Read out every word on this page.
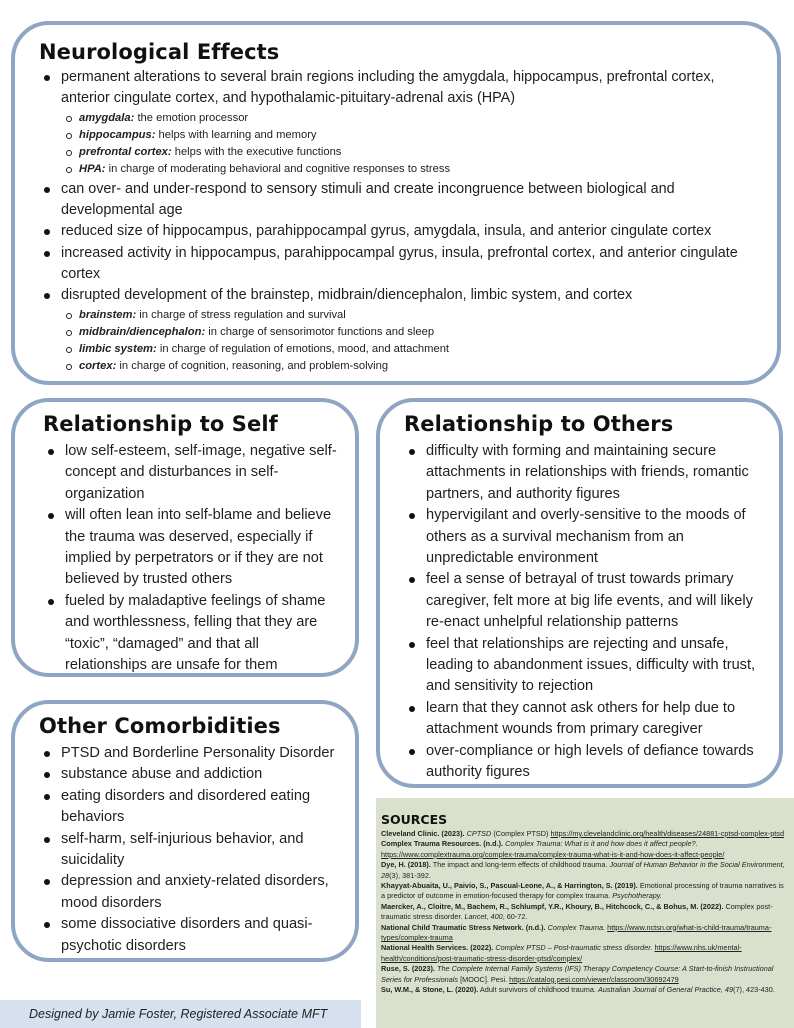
Neurological Effects
permanent alterations to several brain regions including the amygdala, hippocampus, prefrontal cortex, anterior cingulate cortex, and hypothalamic-pituitary-adrenal axis (HPA)
amygdala: the emotion processor
hippocampus: helps with learning and memory
prefrontal cortex: helps with the executive functions
HPA: in charge of moderating behavioral and cognitive responses to stress
can over- and under-respond to sensory stimuli and create incongruence between biological and developmental age
reduced size of hippocampus, parahippocampal gyrus, amygdala, insula, and anterior cingulate cortex
increased activity in hippocampus, parahippocampal gyrus, insula, prefrontal cortex, and anterior cingulate cortex
disrupted development of the brainstep, midbrain/diencephalon, limbic system, and cortex
brainstem: in charge of stress regulation and survival
midbrain/diencephalon: in charge of sensorimotor functions and sleep
limbic system: in charge of regulation of emotions, mood, and attachment
cortex: in charge of cognition, reasoning, and problem-solving
Relationship to Self
low self-esteem, self-image, negative self-concept and disturbances in self-organization
will often lean into self-blame and believe the trauma was deserved, especially if implied by perpetrators or if they are not believed by trusted others
fueled by maladaptive feelings of shame and worthlessness, felling that they are “toxic”, “damaged” and that all relationships are unsafe for them
Relationship to Others
difficulty with forming and maintaining secure attachments in relationships with friends, romantic partners, and authority figures
hypervigilant and overly-sensitive to the moods of others as a survival mechanism from an unpredictable environment
feel a sense of betrayal of trust towards primary caregiver, felt more at big life events, and will likely re-enact unhelpful relationship patterns
feel that relationships are rejecting and unsafe, leading to abandonment issues, difficulty with trust, and sensitivity to rejection
learn that they cannot ask others for help due to attachment wounds from primary caregiver
over-compliance or high levels of defiance towards authority figures
Other Comorbidities
PTSD and Borderline Personality Disorder
substance abuse and addiction
eating disorders and disordered eating behaviors
self-harm, self-injurious behavior, and suicidality
depression and anxiety-related disorders, mood disorders
some dissociative disorders and quasi-psychotic disorders
SOURCES

Cleveland Clinic. (2023). CPTSD (Complex PTSD) https://my.clevelandclinic.org/health/diseases/24881-cptsd-complex-ptsd

Complex Trauma Resources. (n.d.). Complex Trauma: What is it and how does it affect people?. https://www.complextrauma.org/complex-trauma/complex-trauma-what-is-it-and-how-does-it-affect-people/

Dye, H. (2018). The impact and long-term effects of childhood trauma. Journal of Human Behavior in the Social Environment, 28(3), 381-392.

Khayyat-Abuaita, U., Paivio, S., Pascual-Leone, A., & Harrington, S. (2019). Emotional processing of trauma narratives is a predictor of outcome in emotion-focused therapy for complex trauma. Psychotherapy.

Maercker, A., Cloitre, M., Bachem, R., Schlumpf, Y.R., Khoury, B., Hitchcock, C., & Bohus, M. (2022). Complex post-traumatic stress disorder. Lancet, 400, 60-72.

National Child Traumatic Stress Network. (n.d.). Complex Trauma. https://www.nctsn.org/what-is-child-trauma/trauma-types/complex-trauma

National Health Services. (2022). Complex PTSD – Post-traumatic stress disorder. https://www.nhs.uk/mental-health/conditions/post-traumatic-stress-disorder-ptsd/complex/

Ruse, S. (2023). The Complete Internal Family Systems (IFS) Therapy Competency Course: A Start-to-finish Instructional Series for Professionals [MOOC]. Pesi. https://catalog.pesi.com/viewer/classroom/30692479

Su, W.M., & Stone, L. (2020). Adult survivors of childhood trauma. Australian Journal of General Practice, 49(7), 423-430.

Designed by Jamie Foster, Registered Associate MFT
